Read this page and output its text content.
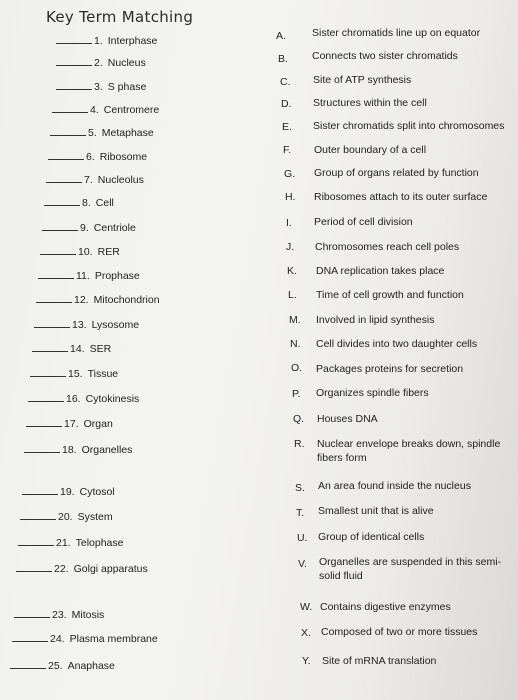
Key Term Matching
1. Interphase
2. Nucleus
3. S phase
4. Centromere
5. Metaphase
6. Ribosome
7. Nucleolus
8. Cell
9. Centriole
10. RER
11. Prophase
12. Mitochondrion
13. Lysosome
14. SER
15. Tissue
16. Cytokinesis
17. Organ
18. Organelles
19. Cytosol
20. System
21. Telophase
22. Golgi apparatus
23. Mitosis
24. Plasma membrane
25. Anaphase
A. Sister chromatids line up on equator
B. Connects two sister chromatids
C. Site of ATP synthesis
D. Structures within the cell
E. Sister chromatids split into chromosomes
F. Outer boundary of a cell
G. Group of organs related by function
H. Ribosomes attach to its outer surface
I. Period of cell division
J. Chromosomes reach cell poles
K. DNA replication takes place
L. Time of cell growth and function
M. Involved in lipid synthesis
N. Cell divides into two daughter cells
O. Packages proteins for secretion
P. Organizes spindle fibers
Q. Houses DNA
R. Nuclear envelope breaks down, spindle fibers form
S. An area found inside the nucleus
T. Smallest unit that is alive
U. Group of identical cells
V. Organelles are suspended in this semi-solid fluid
W. Contains digestive enzymes
X. Composed of two or more tissues
Y. Site of mRNA translation
